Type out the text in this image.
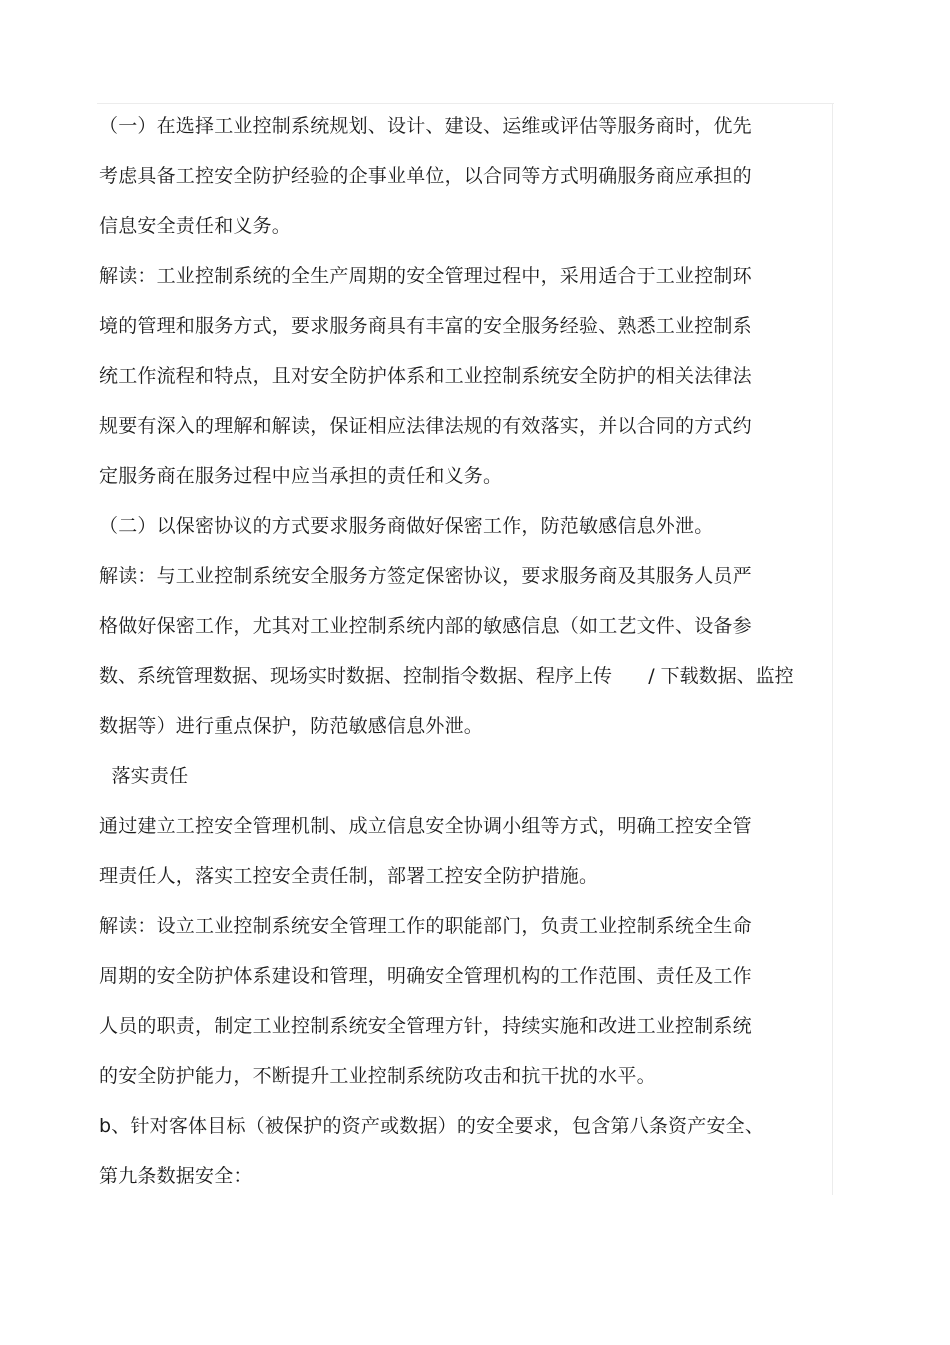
（一）在选择工业控制系统规划、设计、建设、运维或评估等服务商时，优先
考虑具备工控安全防护经验的企事业单位，以合同等方式明确服务商应承担的
信息安全责任和义务。
解读：工业控制系统的全生产周期的安全管理过程中，采用适合于工业控制环
境的管理和服务方式，要求服务商具有丰富的安全服务经验、熟悉工业控制系
统工作流程和特点，且对安全防护体系和工业控制系统安全防护的相关法律法
规要有深入的理解和解读，保证相应法律法规的有效落实，并以合同的方式约
定服务商在服务过程中应当承担的责任和义务。
（二）以保密协议的方式要求服务商做好保密工作，防范敏感信息外泄。
解读：与工业控制系统安全服务方签定保密协议，要求服务商及其服务人员严
格做好保密工作，尤其对工业控制系统内部的敏感信息（如工艺文件、设备参
数、系统管理数据、现场实时数据、控制指令数据、程序上传      / 下载数据、监控
数据等）进行重点保护，防范敏感信息外泄。
落实责任
通过建立工控安全管理机制、成立信息安全协调小组等方式，明确工控安全管
理责任人，落实工控安全责任制，部署工控安全防护措施。
解读：设立工业控制系统安全管理工作的职能部门，负责工业控制系统全生命
周期的安全防护体系建设和管理，明确安全管理机构的工作范围、责任及工作
人员的职责，制定工业控制系统安全管理方针，持续实施和改进工业控制系统
的安全防护能力，不断提升工业控制系统防攻击和抗干扰的水平。
b、针对客体目标（被保护的资产或数据）的安全要求，包含第八条资产安全、
第九条数据安全：
